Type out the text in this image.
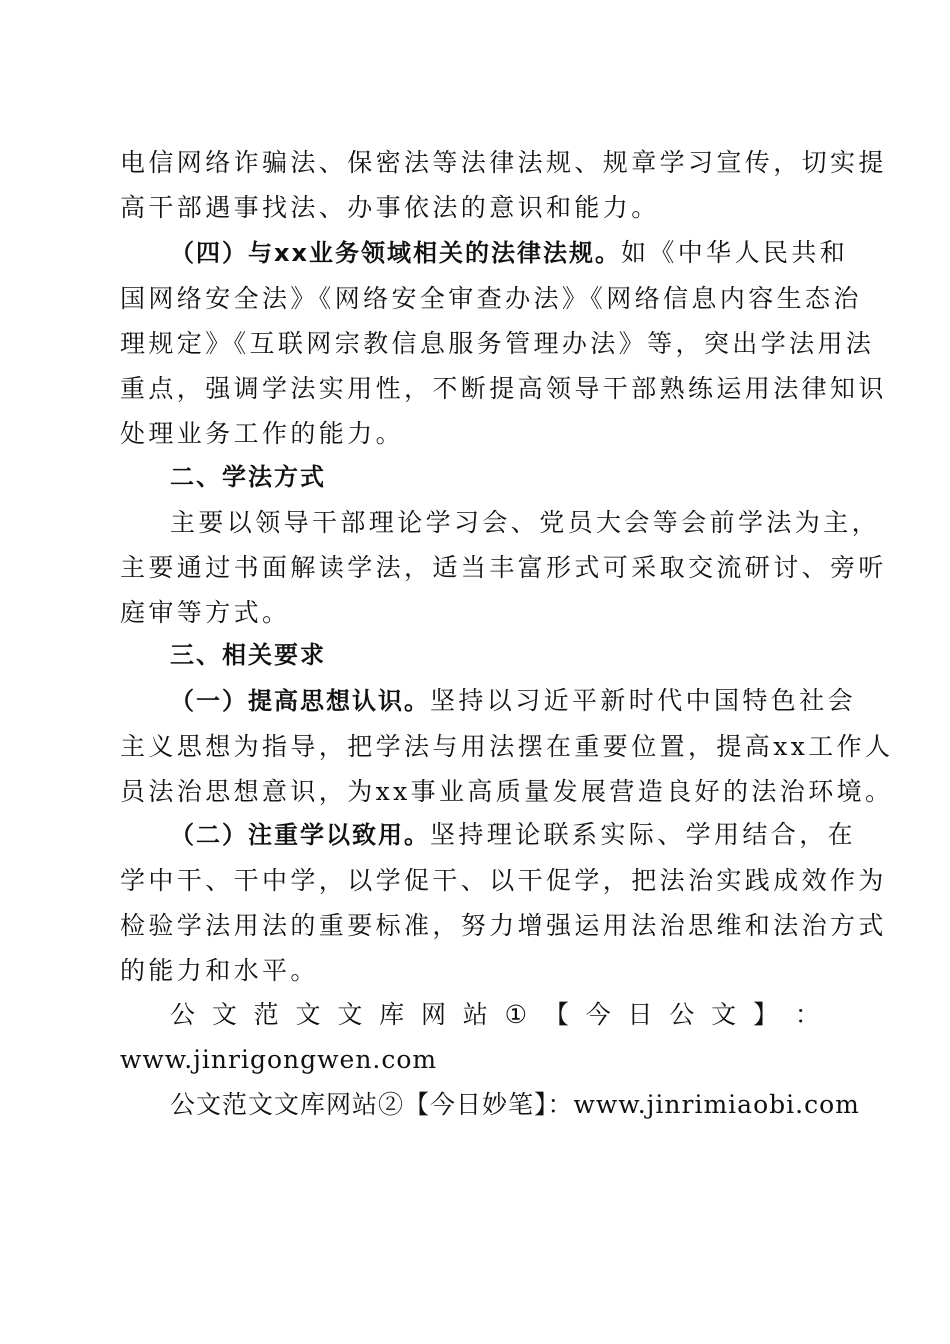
电信网络诈骗法、保密法等法律法规、规章学习宣传，切实提
高干部遇事找法、办事依法的意识和能力。
（四）与xx业务领域相关的法律法规。如《中华人民共和
国网络安全法》《网络安全审查办法》《网络信息内容生态治
理规定》《互联网宗教信息服务管理办法》等，突出学法用法
重点，强调学法实用性，不断提高领导干部熟练运用法律知识
处理业务工作的能力。
二、学法方式
主要以领导干部理论学习会、党员大会等会前学法为主，
主要通过书面解读学法，适当丰富形式可采取交流研讨、旁听
庭审等方式。
三、相关要求
（一）提高思想认识。坚持以习近平新时代中国特色社会
主义思想为指导，把学法与用法摆在重要位置，提高xx工作人
员法治思想意识，为xx事业高质量发展营造良好的法治环境。
（二）注重学以致用。坚持理论联系实际、学用结合，在
学中干、干中学，以学促干、以干促学，把法治实践成效作为
检验学法用法的重要标准，努力增强运用法治思维和法治方式
的能力和水平。
公 文 范 文 文 库 网 站 ① 【 今 日 公 文 】 ：
www.jinrigongwen.com
公文范文文库网站②【今日妙笔】：www.jinrimiaobi.com
